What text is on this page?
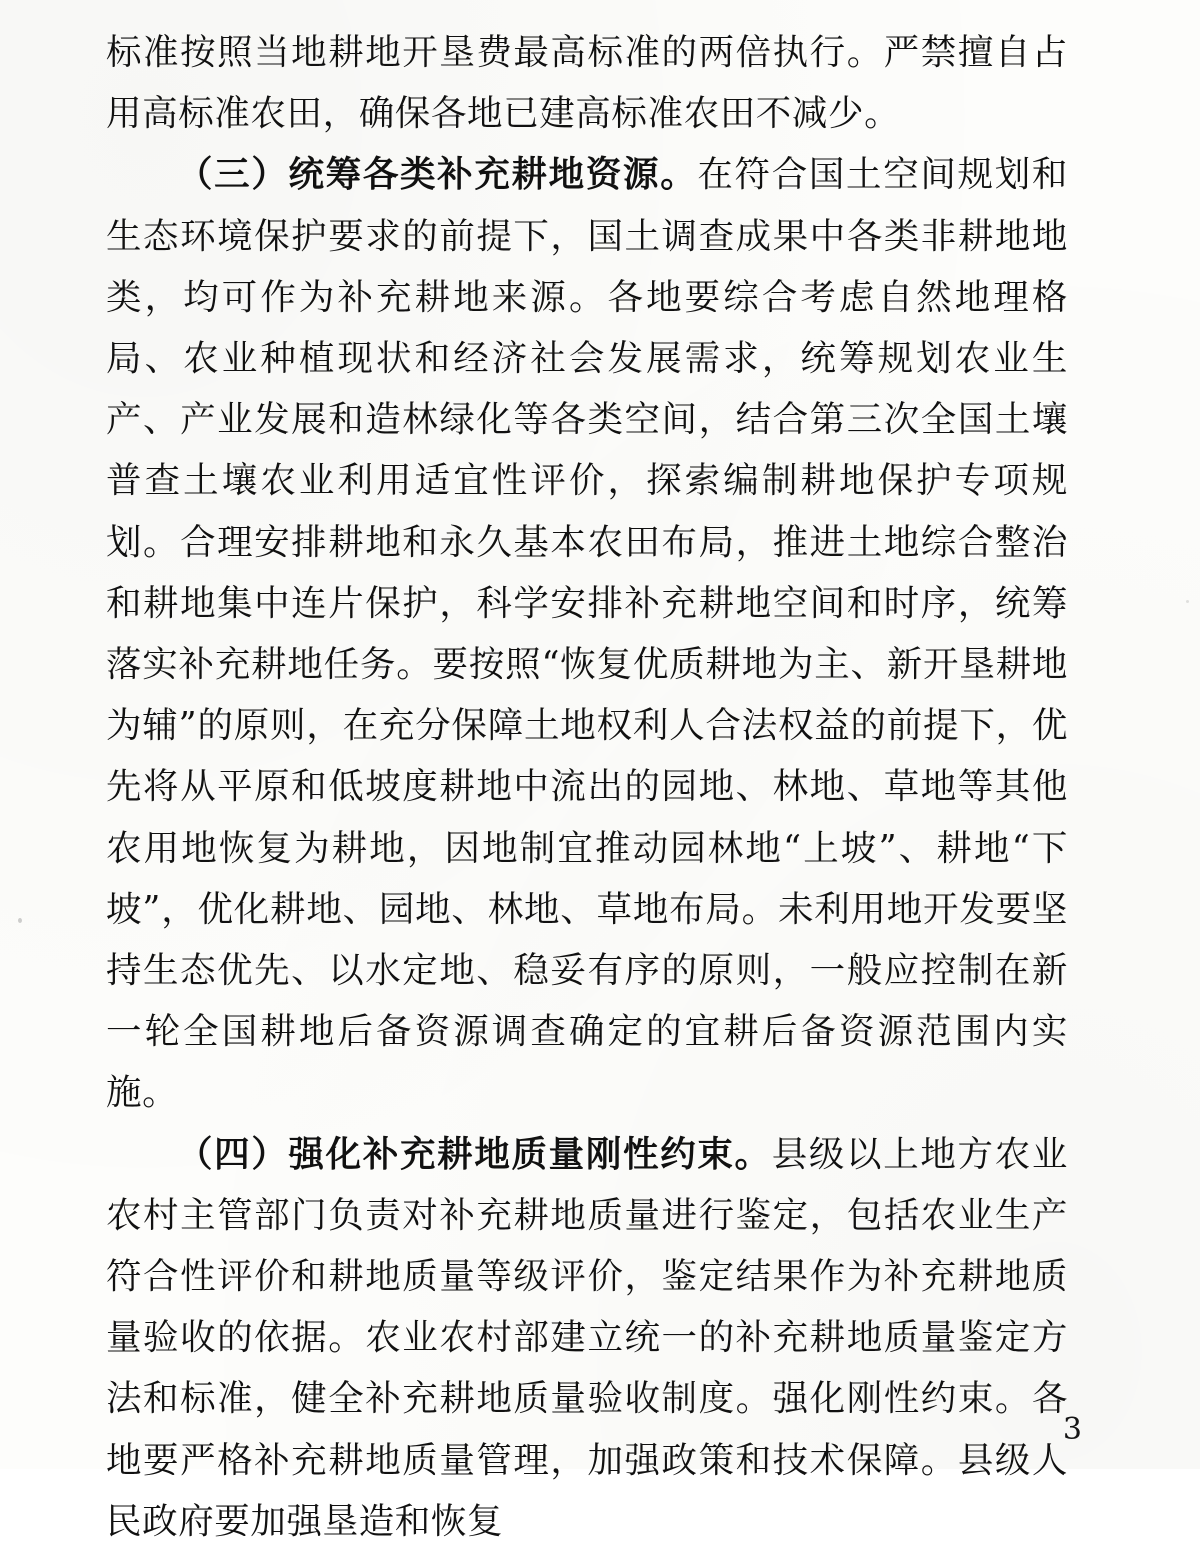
标准按照当地耕地开垦费最高标准的两倍执行。严禁擅自占用高标准农田，确保各地已建高标准农田不减少。

（三）统筹各类补充耕地资源。在符合国土空间规划和生态环境保护要求的前提下，国土调查成果中各类非耕地地类，均可作为补充耕地来源。各地要综合考虑自然地理格局、农业种植现状和经济社会发展需求，统筹规划农业生产、产业发展和造林绿化等各类空间，结合第三次全国土壤普查土壤农业利用适宜性评价，探索编制耕地保护专项规划。合理安排耕地和永久基本农田布局，推进土地综合整治和耕地集中连片保护，科学安排补充耕地空间和时序，统筹落实补充耕地任务。要按照“恢复优质耕地为主、新开垦耕地为辅”的原则，在充分保障土地权利人合法权益的前提下，优先将从平原和低坡度耕地中流出的园地、林地、草地等其他农用地恢复为耕地，因地制宜推动园林地“上坡”、耕地“下坡”，优化耕地、园地、林地、草地布局。未利用地开发要坚持生态优先、以水定地、稳妥有序的原则，一般应控制在新一轮全国耕地后备资源调查确定的宜耕后备资源范围内实施。

（四）强化补充耕地质量刚性约束。县级以上地方农业农村主管部门负责对补充耕地质量进行鉴定，包括农业生产符合性评价和耕地质量等级评价，鉴定结果作为补充耕地质量验收的依据。农业农村部建立统一的补充耕地质量鉴定方法和标准，健全补充耕地质量验收制度。强化刚性约束。各地要严格补充耕地质量管理，加强政策和技术保障。县级人民政府要加强垦造和恢复

3
